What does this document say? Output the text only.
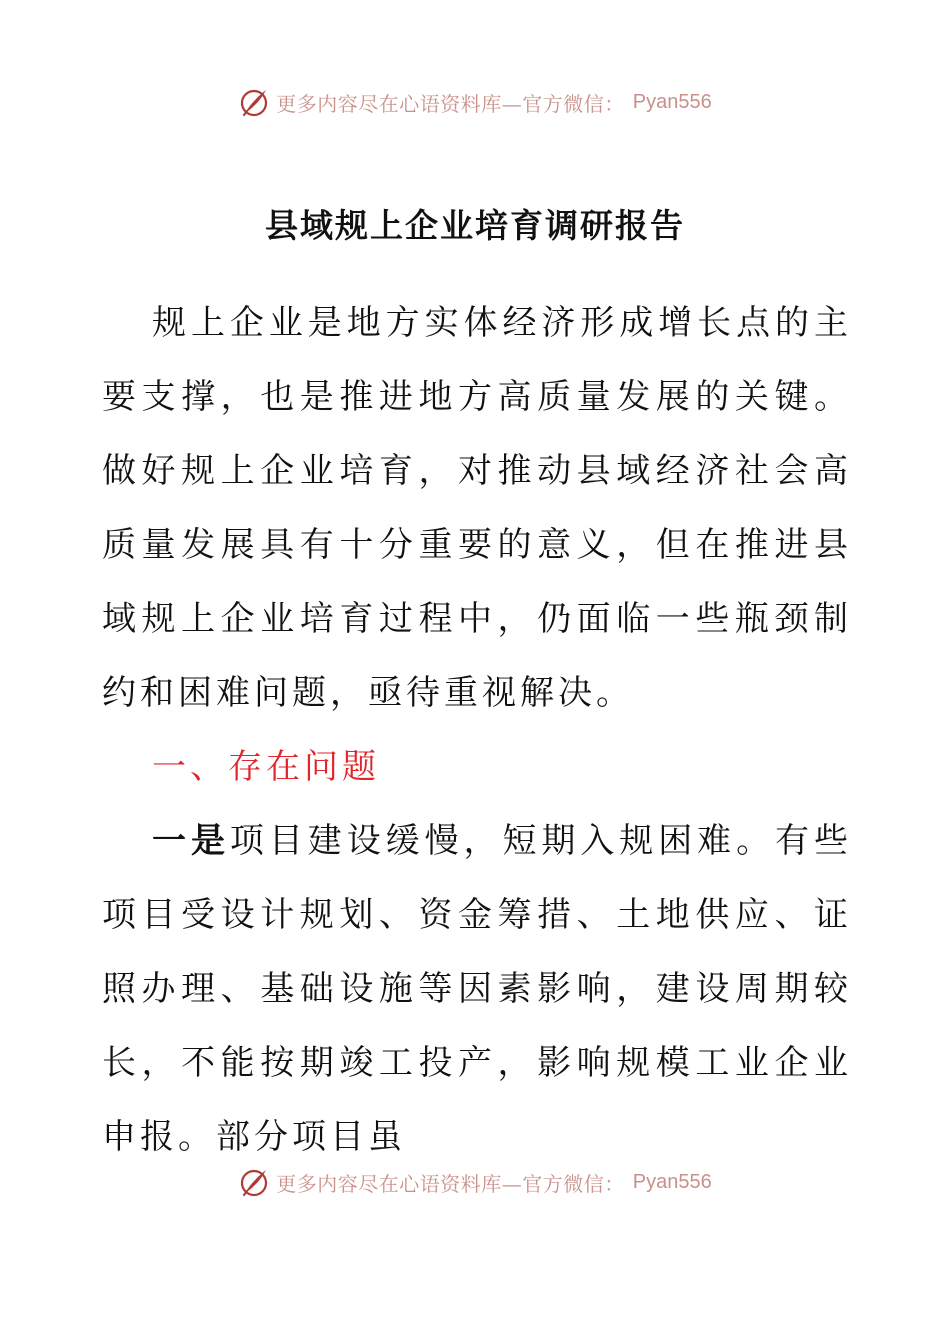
更多内容尽在心语资料库—官方微信： Pyan556
县域规上企业培育调研报告

规上企业是地方实体经济形成增长点的主要支撑，也是推进地方高质量发展的关键。做好规上企业培育，对推动县域经济社会高质量发展具有十分重要的意义，但在推进县域规上企业培育过程中，仍面临一些瓶颈制约和困难问题，亟待重视解决。

一、存在问题

一是项目建设缓慢，短期入规困难。有些项目受设计规划、资金筹措、土地供应、证照办理、基础设施等因素影响，建设周期较长，不能按期竣工投产，影响规模工业企业申报。部分项目虽

更多内容尽在心语资料库—官方微信： Pyan556
